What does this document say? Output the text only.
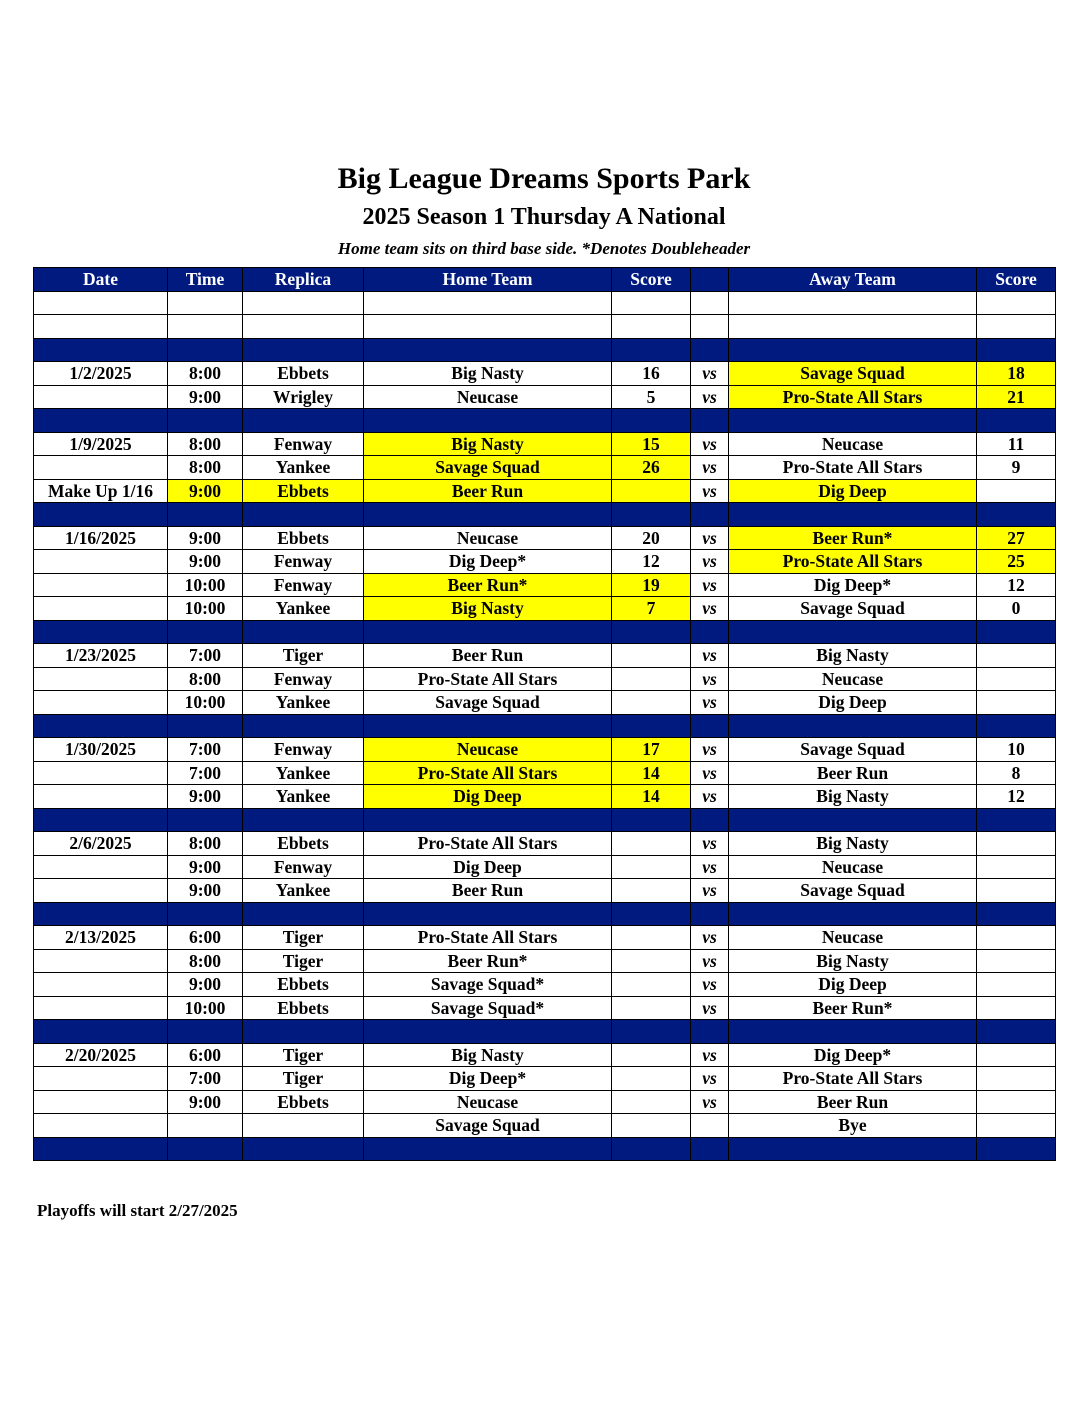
Big League Dreams Sports Park
2025 Season 1 Thursday A National
Home team sits on third base side. *Denotes Doubleheader
Date	Time	Replica	Home Team	Score		Away Team	Score

1/2/2025	8:00	Ebbets	Big Nasty	16	vs	Savage Squad	18
	9:00	Wrigley	Neucase	5	vs	Pro-State All Stars	21

1/9/2025	8:00	Fenway	Big Nasty	15	vs	Neucase	11
	8:00	Yankee	Savage Squad	26	vs	Pro-State All Stars	9
Make Up 1/16	9:00	Ebbets	Beer Run		vs	Dig Deep	

1/16/2025	9:00	Ebbets	Neucase	20	vs	Beer Run*	27
	9:00	Fenway	Dig Deep*	12	vs	Pro-State All Stars	25
	10:00	Fenway	Beer Run*	19	vs	Dig Deep*	12
	10:00	Yankee	Big Nasty	7	vs	Savage Squad	0

1/23/2025	7:00	Tiger	Beer Run		vs	Big Nasty	
	8:00	Fenway	Pro-State All Stars		vs	Neucase	
	10:00	Yankee	Savage Squad		vs	Dig Deep	

1/30/2025	7:00	Fenway	Neucase	17	vs	Savage Squad	10
	7:00	Yankee	Pro-State All Stars	14	vs	Beer Run	8
	9:00	Yankee	Dig Deep	14	vs	Big Nasty	12

2/6/2025	8:00	Ebbets	Pro-State All Stars		vs	Big Nasty	
	9:00	Fenway	Dig Deep		vs	Neucase	
	9:00	Yankee	Beer Run		vs	Savage Squad	

2/13/2025	6:00	Tiger	Pro-State All Stars		vs	Neucase	
	8:00	Tiger	Beer Run*		vs	Big Nasty	
	9:00	Ebbets	Savage Squad*		vs	Dig Deep	
	10:00	Ebbets	Savage Squad*		vs	Beer Run*	

2/20/2025	6:00	Tiger	Big Nasty		vs	Dig Deep*	
	7:00	Tiger	Dig Deep*		vs	Pro-State All Stars	
	9:00	Ebbets	Neucase		vs	Beer Run	
			Savage Squad			Bye	

Playoffs will start 2/27/2025
